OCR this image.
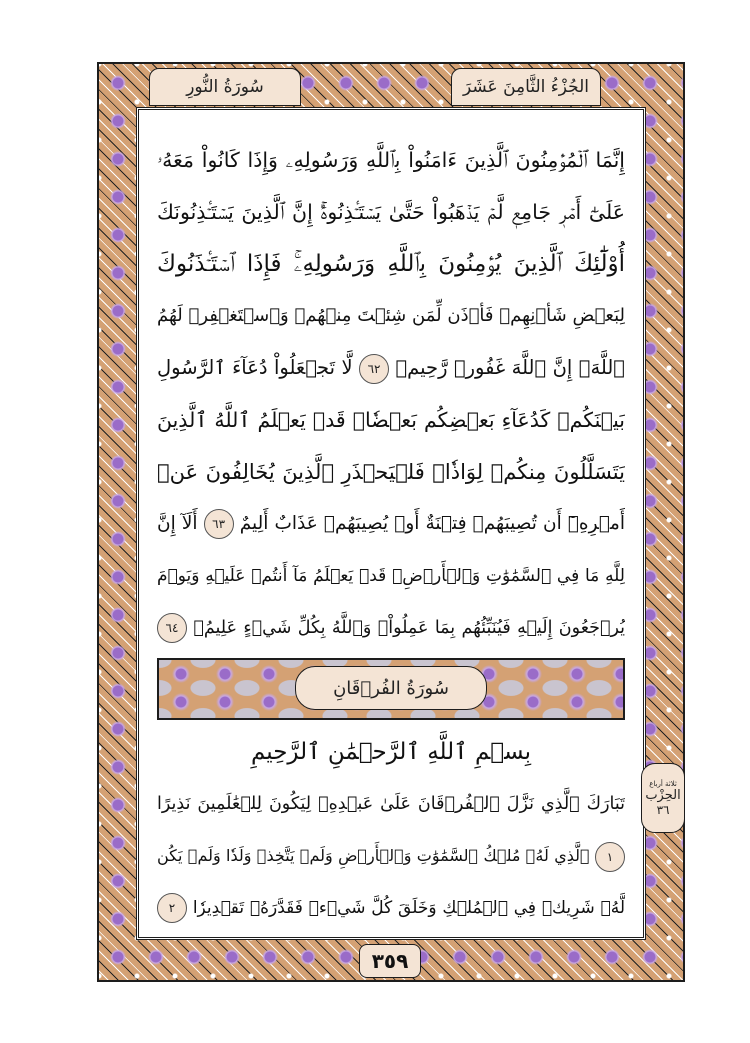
سُورَةُ النُّورِ	الجُزْءُ الثَّامِنَ عَشَرَ
إِنَّمَا ٱلۡمُؤۡمِنُونَ ٱلَّذِينَ ءَامَنُواْ بِٱللَّهِ وَرَسُولِهِۦ وَإِذَا كَانُواْ مَعَهُۥ
عَلَىٰٓ أَمۡرٖ جَامِعٖ لَّمۡ يَذۡهَبُواْ حَتَّىٰ يَسۡتَـٔۡذِنُوهُۚ إِنَّ ٱلَّذِينَ يَسۡتَـٔۡذِنُونَكَ
أُوْلَٰٓئِكَ ٱلَّذِينَ يُؤۡمِنُونَ بِٱللَّهِ وَرَسُولِهِۦۚ فَإِذَا ٱسۡتَـٔۡذَنُوكَ
لِبَعۡضِ شَأۡنِهِمۡ فَأۡذَن لِّمَن شِئۡتَ مِنۡهُمۡ وَٱسۡتَغۡفِرۡ لَهُمُ
ٱللَّهَۚ إِنَّ ٱللَّهَ غَفُورٞ رَّحِيمٞ ٦٢ لَّا تَجۡعَلُواْ دُعَآءَ ٱلرَّسُولِ
بَيۡنَكُمۡ كَدُعَآءِ بَعۡضِكُم بَعۡضٗاۚ قَدۡ يَعۡلَمُ ٱللَّهُ ٱلَّذِينَ
يَتَسَلَّلُونَ مِنكُمۡ لِوَاذٗاۚ فَلۡيَحۡذَرِ ٱلَّذِينَ يُخَالِفُونَ عَنۡ
أَمۡرِهِۦٓ أَن تُصِيبَهُمۡ فِتۡنَةٌ أَوۡ يُصِيبَهُمۡ عَذَابٌ أَلِيمٌ ٦٣ أَلَآ إِنَّ
لِلَّهِ مَا فِي ٱلسَّمَٰوَٰتِ وَٱلۡأَرۡضِۖ قَدۡ يَعۡلَمُ مَآ أَنتُمۡ عَلَيۡهِ وَيَوۡمَ
يُرۡجَعُونَ إِلَيۡهِ فَيُنَبِّئُهُم بِمَا عَمِلُواْۗ وَٱللَّهُ بِكُلِّ شَيۡءٍ عَلِيمُۢ ٦٤
سُورَةُ الفُرۡقَانِ
بِسۡمِ ٱللَّهِ ٱلرَّحۡمَٰنِ ٱلرَّحِيمِ
تَبَارَكَ ٱلَّذِي نَزَّلَ ٱلۡفُرۡقَانَ عَلَىٰ عَبۡدِهِۦ لِيَكُونَ لِلۡعَٰلَمِينَ نَذِيرًا
١ ٱلَّذِي لَهُۥ مُلۡكُ ٱلسَّمَٰوَٰتِ وَٱلۡأَرۡضِ وَلَمۡ يَتَّخِذۡ وَلَدٗا وَلَمۡ يَكُن
لَّهُۥ شَرِيكٞ فِي ٱلۡمُلۡكِ وَخَلَقَ كُلَّ شَيۡءٖ فَقَدَّرَهُۥ تَقۡدِيرٗا ٢
٣٥٩
ثلاثة أرباع
الحِزْب
٣٦
